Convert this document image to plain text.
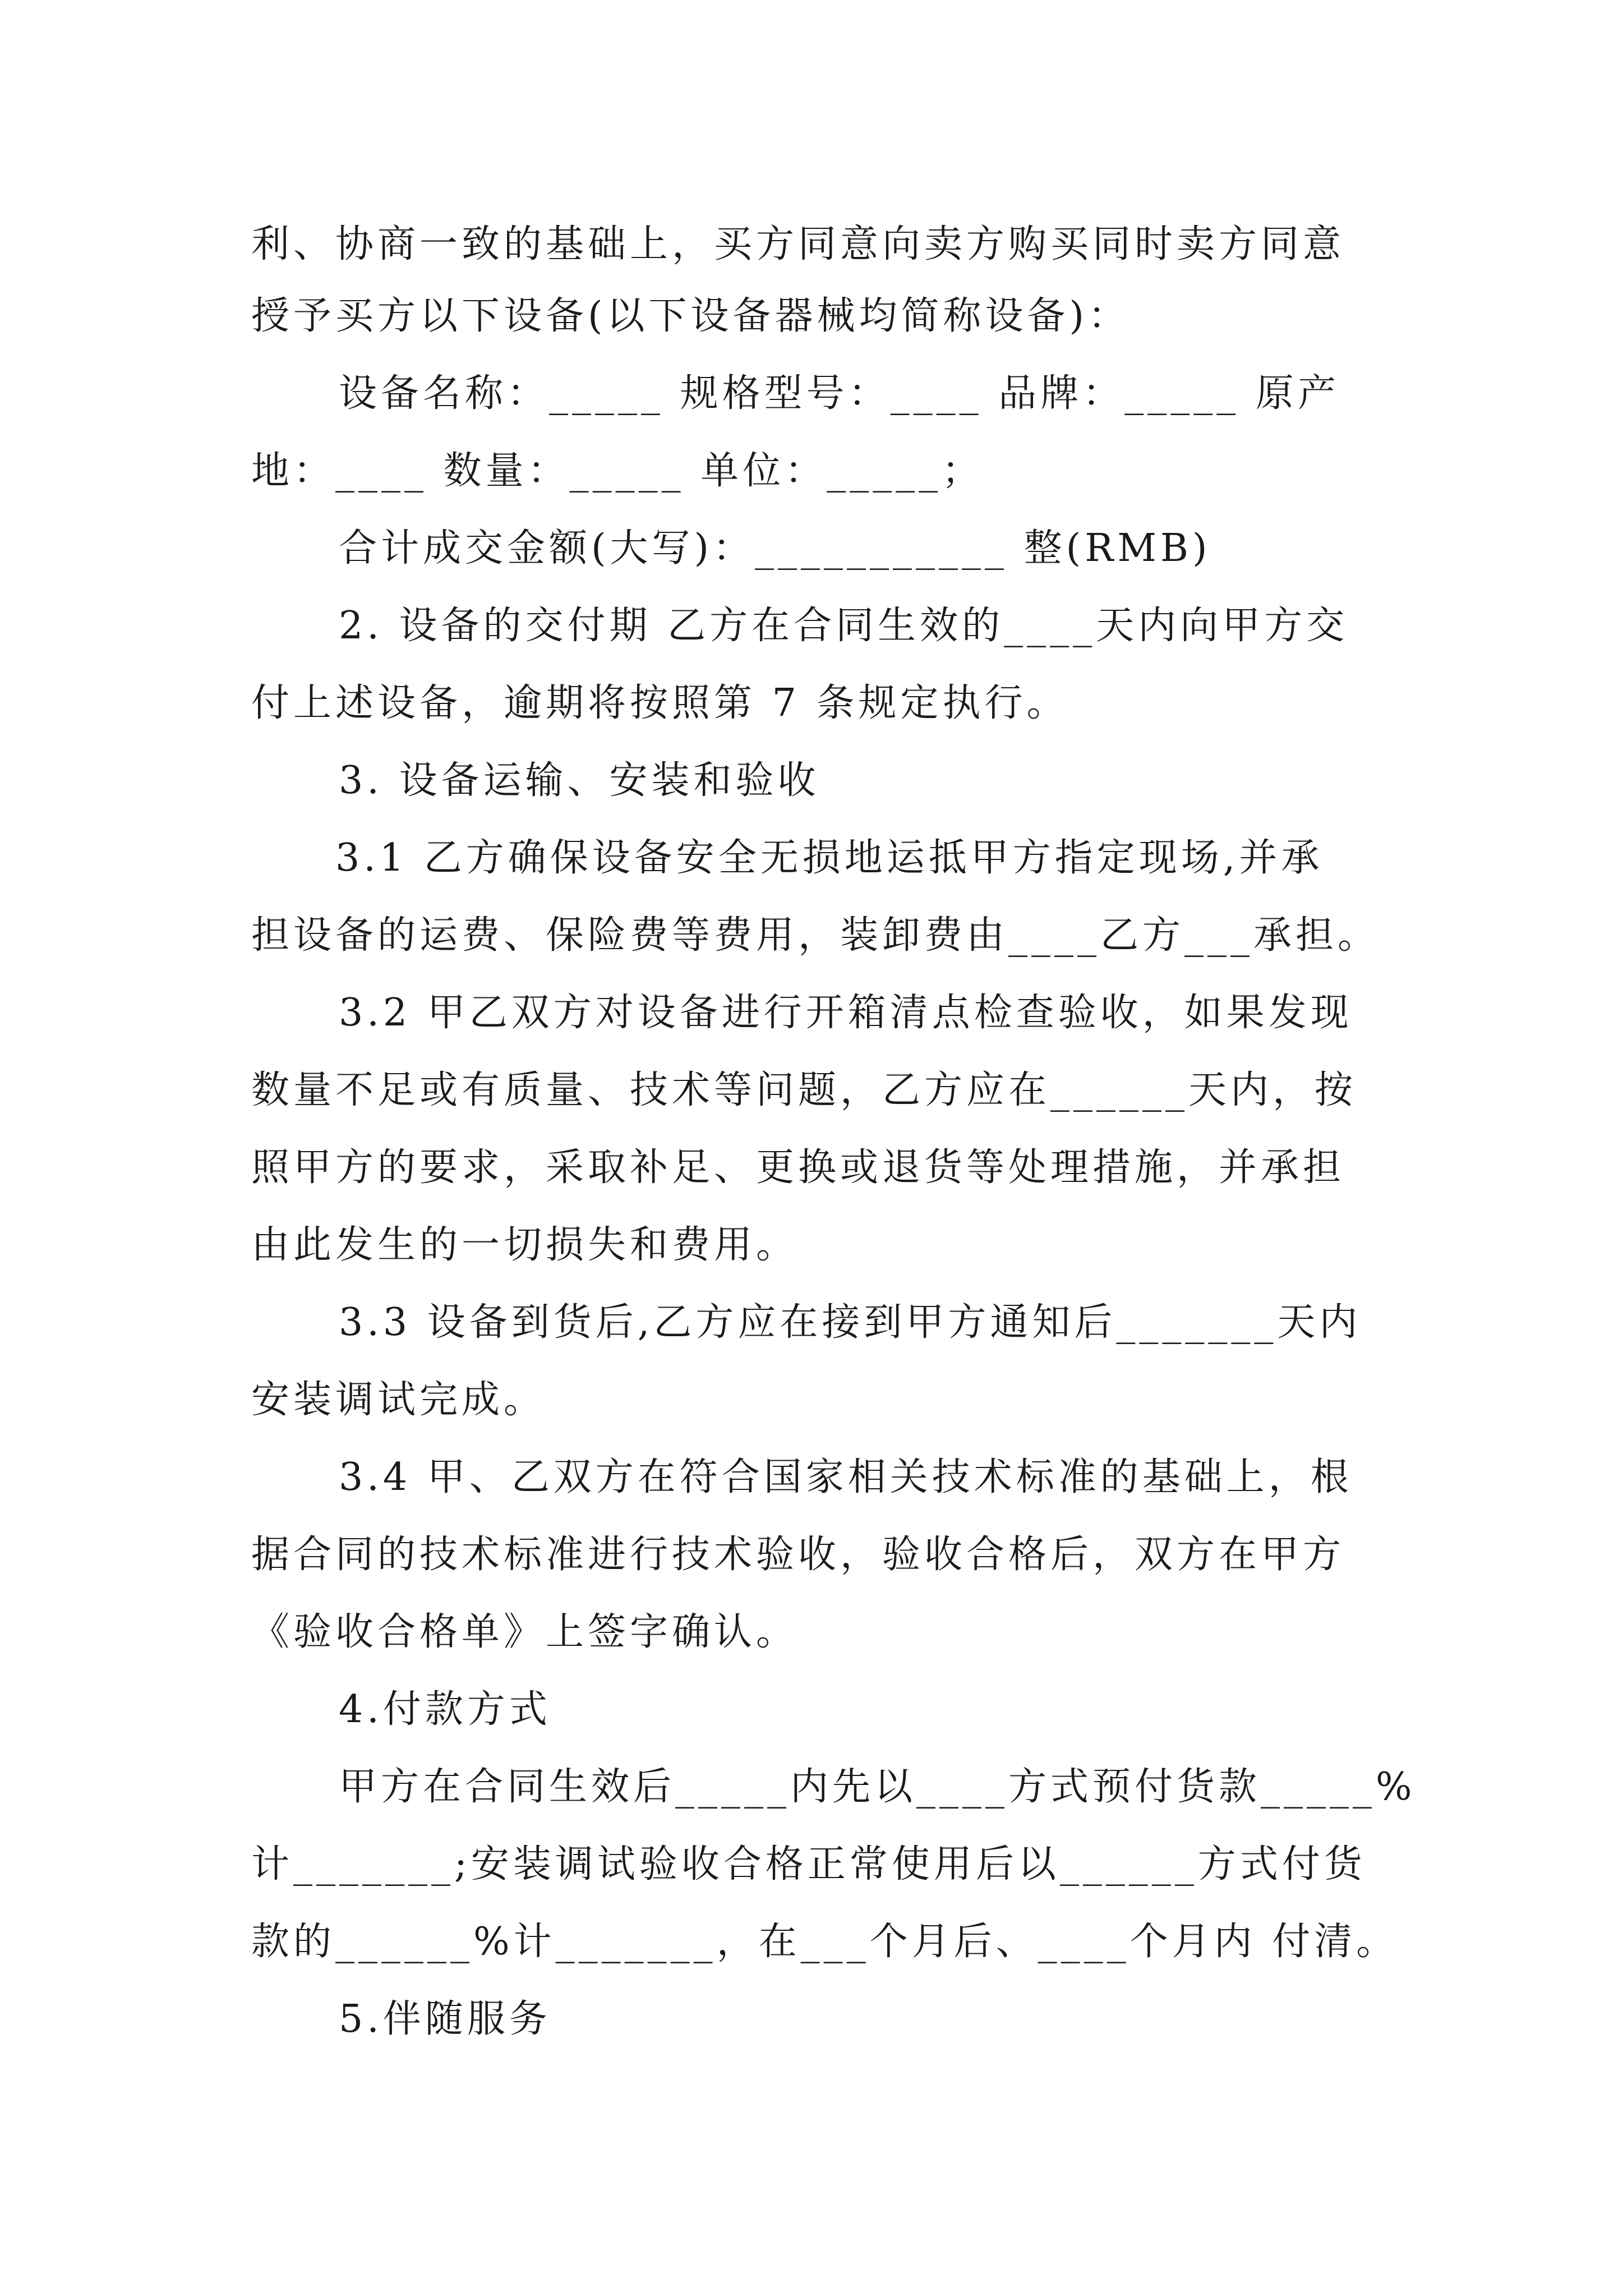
利、协商一致的基础上，买方同意向卖方购买同时卖方同意
授予买方以下设备(以下设备器械均简称设备)：
设备名称：_____ 规格型号：____ 品牌：_____ 原产
地：____ 数量：_____ 单位：_____；
合计成交金额(大写)：___________ 整(RMB)
2. 设备的交付期 乙方在合同生效的____天内向甲方交
付上述设备，逾期将按照第 7 条规定执行。
3. 设备运输、安装和验收
3.1 乙方确保设备安全无损地运抵甲方指定现场,并承
担设备的运费、保险费等费用，装卸费由____乙方___承担。
3.2 甲乙双方对设备进行开箱清点检查验收，如果发现
数量不足或有质量、技术等问题，乙方应在______天内，按
照甲方的要求，采取补足、更换或退货等处理措施，并承担
由此发生的一切损失和费用。
3.3 设备到货后,乙方应在接到甲方通知后_______天内
安装调试完成。
3.4 甲、乙双方在符合国家相关技术标准的基础上，根
据合同的技术标准进行技术验收，验收合格后，双方在甲方
《验收合格单》上签字确认。
4.付款方式
甲方在合同生效后_____内先以____方式预付货款_____%
计_______;安装调试验收合格正常使用后以______方式付货
款的______%计_______，在___个月后、____个月内 付清。
5.伴随服务
